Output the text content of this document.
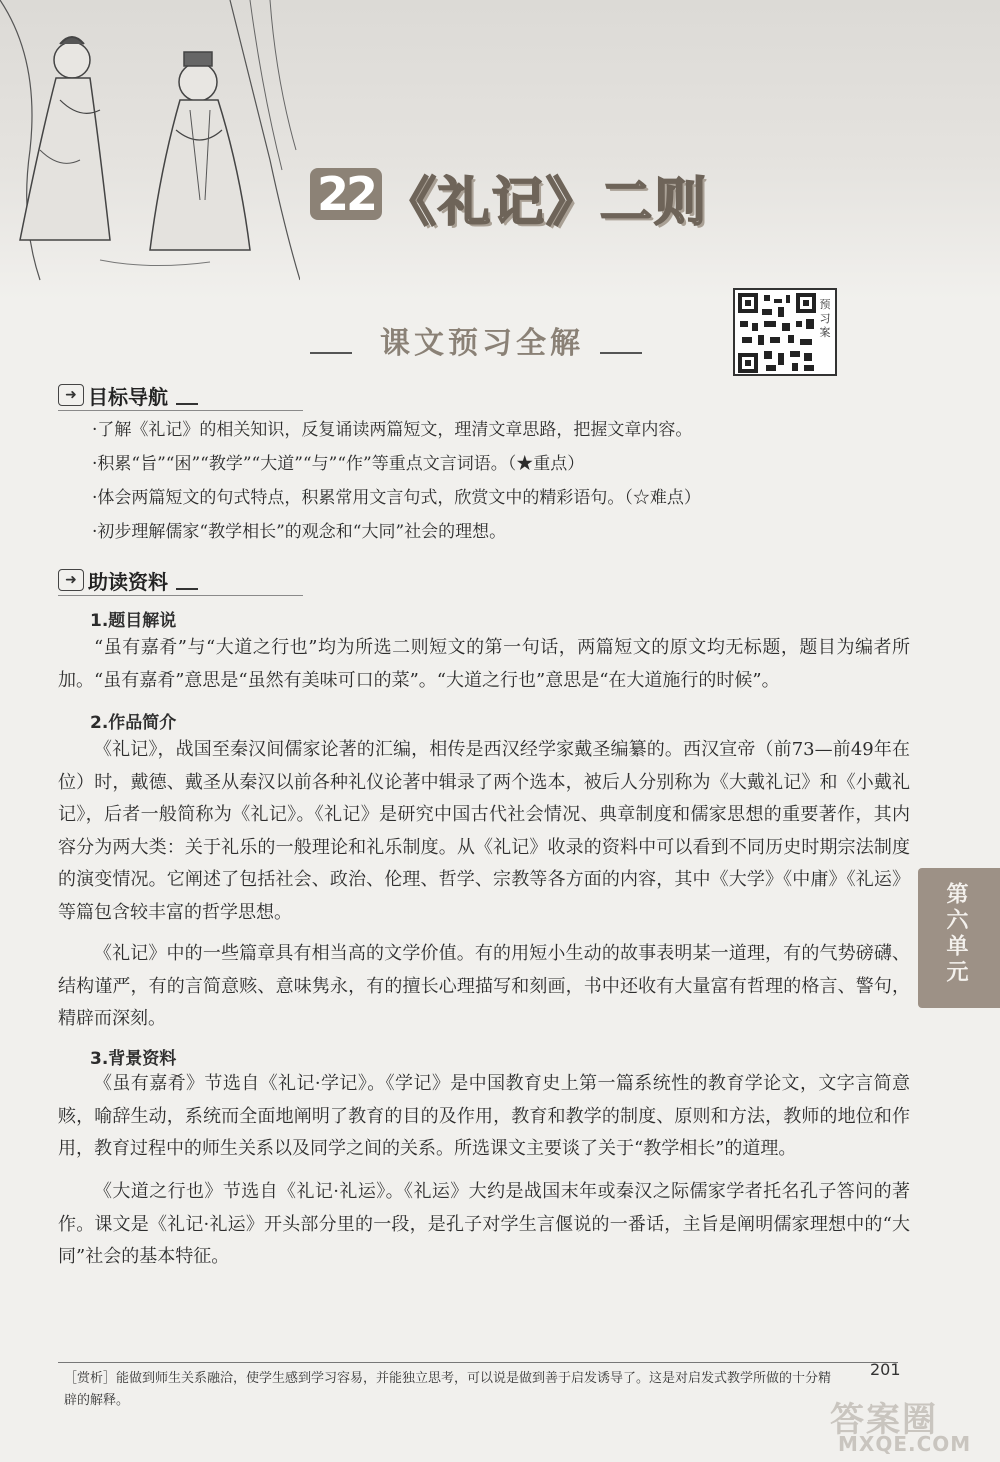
22 《礼记》二则
课文预习全解
预习案
➜ 目标导航
·了解《礼记》的相关知识，反复诵读两篇短文，理清文章思路，把握文章内容。
·积累“旨”“困”“教学”“大道”“与”“作”等重点文言词语。（★重点）
·体会两篇短文的句式特点，积累常用文言句式，欣赏文中的精彩语句。（☆难点）
·初步理解儒家“教学相长”的观念和“大同”社会的理想。
➜ 助读资料
1.题目解说

“虽有嘉肴”与“大道之行也”均为所选二则短文的第一句话，两篇短文的原文均无标题，题目为编者所加。“虽有嘉肴”意思是“虽然有美味可口的菜”。“大道之行也”意思是“在大道施行的时候”。

2.作品简介

《礼记》，战国至秦汉间儒家论著的汇编，相传是西汉经学家戴圣编纂的。西汉宣帝（前73—前49年在位）时，戴德、戴圣从秦汉以前各种礼仪论著中辑录了两个选本，被后人分别称为《大戴礼记》和《小戴礼记》，后者一般简称为《礼记》。《礼记》是研究中国古代社会情况、典章制度和儒家思想的重要著作，其内容分为两大类：关于礼乐的一般理论和礼乐制度。从《礼记》收录的资料中可以看到不同历史时期宗法制度的演变情况。它阐述了包括社会、政治、伦理、哲学、宗教等各方面的内容，其中《大学》《中庸》《礼运》等篇包含较丰富的哲学思想。

《礼记》中的一些篇章具有相当高的文学价值。有的用短小生动的故事表明某一道理，有的气势磅礴、结构谨严，有的言简意赅、意味隽永，有的擅长心理描写和刻画，书中还收有大量富有哲理的格言、警句，精辟而深刻。

3.背景资料

《虽有嘉肴》节选自《礼记·学记》。《学记》是中国教育史上第一篇系统性的教育学论文，文字言简意赅，喻辞生动，系统而全面地阐明了教育的目的及作用，教育和教学的制度、原则和方法，教师的地位和作用，教育过程中的师生关系以及同学之间的关系。所选课文主要谈了关于“教学相长”的道理。

《大道之行也》节选自《礼记·礼运》。《礼运》大约是战国末年或秦汉之际儒家学者托名孔子答问的著作。课文是《礼记·礼运》开头部分里的一段，是孔子对学生言偃说的一番话，主旨是阐明儒家理想中的“大同”社会的基本特征。

第六单元

［赏析］能做到师生关系融洽，使学生感到学习容易，并能独立思考，可以说是做到善于启发诱导了。这是对启发式教学所做的十分精辟的解释。

201
答案圈
MXQE.COM
